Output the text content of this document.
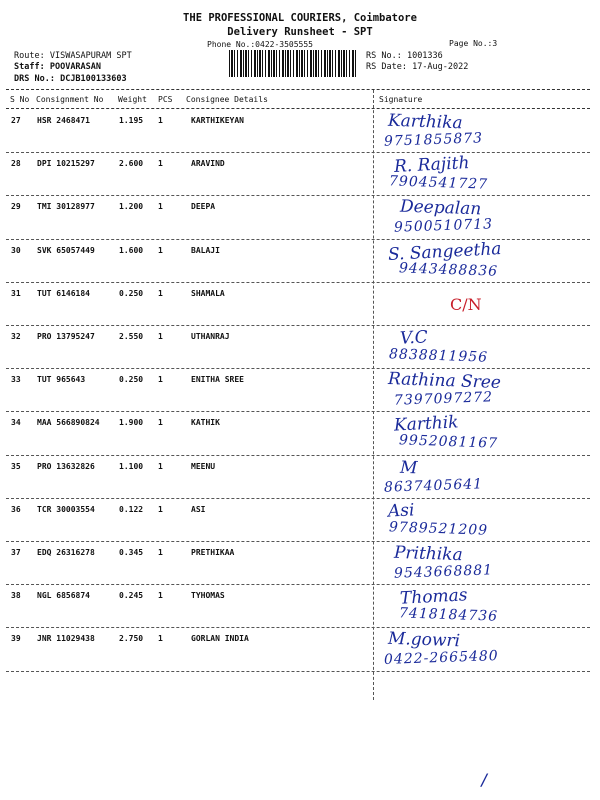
THE PROFESSIONAL COURIERS, Coimbatore
Delivery Runsheet - SPT
Phone No.:0422-3505555	Page No.:3
Route: VISWASAPURAM SPT
Staff: POOVARASAN
DRS No.: DCJB100133603
RS No.: 1001336
RS Date: 17-Aug-2022
S No Consignment No Weight PCS Consignee Details	Signature
27 HSR 2468471	1.195 1	KARTHIKEYAN	Karthika
9751855873
28 DPI 10215297	2.600 1	ARAVIND	R. Rajith
7904541727
29 TMI 30128977	1.200 1	DEEPA	Deepalan
9500510713
30 SVK 65057449	1.600 1	BALAJI	S. Sangeetha
9443488836
31 TUT 6146184	0.250 1	SHAMALA
C/N
32 PRO 13795247	2.550 1	UTHANRAJ	V.C
8838811956
33 TUT 965643	0.250 1	ENITHA SREE	Rathina Sree
7397097272
34 MAA 566890824 1.900 1	KATHIK	Karthik
9952081167
35 PRO 13632826	1.100 1	MEENU	M
8637405641
36 TCR 30003554	0.122 1	ASI	Asi
9789521209
37 EDQ 26316278	0.345 1	PRETHIKAA	Prithika
9543668881
38 NGL 6856874	0.245 1	TYHOMAS	Thomas
7418184736
39 JNR 11029438	2.750 1	GORLAN INDIA	M.gowri
0422-2665480
/
